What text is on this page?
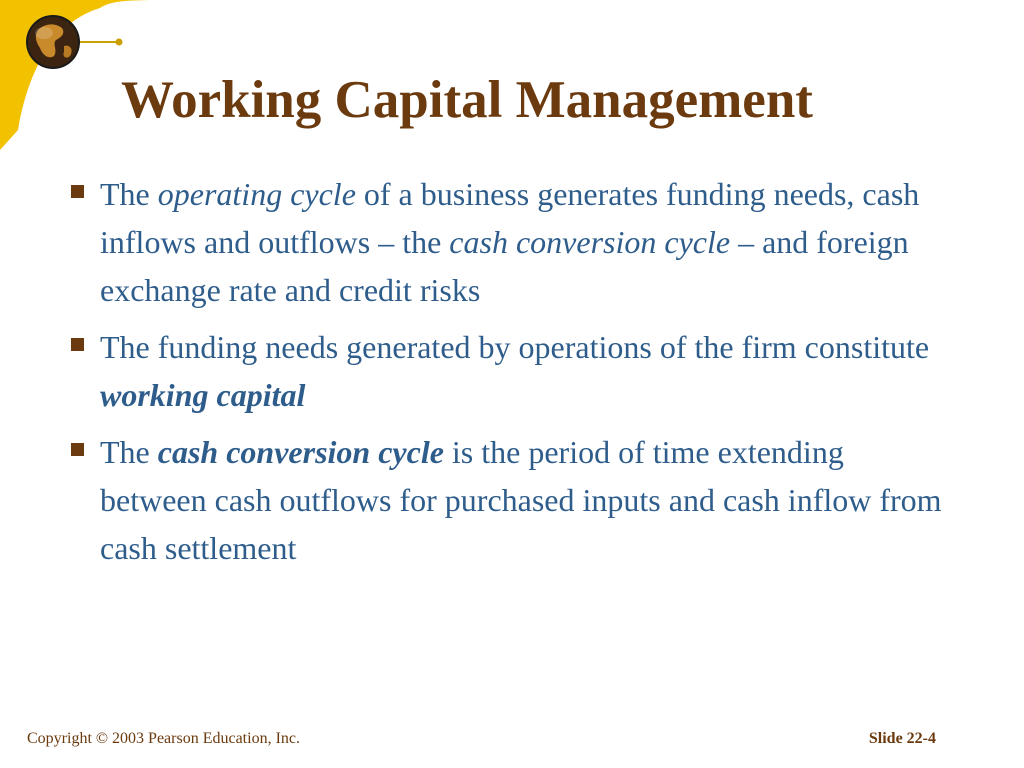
Working Capital Management
The operating cycle of a business generates funding needs, cash inflows and outflows – the cash conversion cycle – and foreign exchange rate and credit risks
The funding needs generated by operations of the firm constitute working capital
The cash conversion cycle is the period of time extending between cash outflows for purchased inputs and cash inflow from cash settlement
Copyright © 2003 Pearson Education, Inc.	Slide 22-4
